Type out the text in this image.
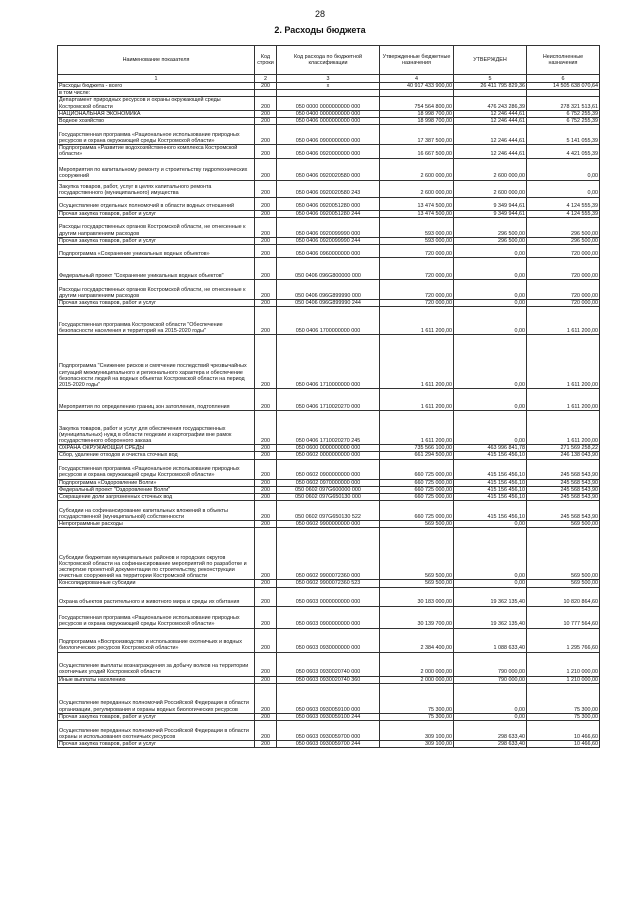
28
2. Расходы бюджета
Наименование показателя	Код строки	Код расхода по бюджетной классификации	Утвержденные бюджетные назначения	УТВЕРЖДЕН	Неисполненные назначения
1	2	3	4	5	6
Расходы бюджета - всего	200	х	40 917 433 900,00	26 411 795 829,36	14 505 638 070,64
в том числе:					
Департамент природных ресурсов и охраны окружающей среды Костромской области	200	050 0000 0000000000 000	754 564 800,00	476 243 286,39	278 321 513,61
НАЦИОНАЛЬНАЯ ЭКОНОМИКА	200	050 0400 0000000000 000	18 998 700,00	12 246 444,61	6 752 255,39
Водное хозяйство	200	050 0406 0000000000 000	18 998 700,00	12 246 444,61	6 752 255,39
Государственная программа «Рациональное использование природных ресурсов и охрана окружающей среды Костромской области»	200	050 0406 0900000000 000	17 387 500,00	12 246 444,61	5 141 055,39
Подпрограмма «Развитие водохозяйственного комплекса Костромской области»	200	050 0406 0920000000 000	16 667 500,00	12 246 444,61	4 421 055,39
Мероприятия по капитальному ремонту и строительству гидротехнических сооружений	200	050 0406 0920020580 000	2 600 000,00	2 600 000,00	0,00
Закупка товаров, работ, услуг в целях капитального ремонта государственного (муниципального) имущества	200	050 0406 0920020580 243	2 600 000,00	2 600 000,00	0,00
Осуществление отдельных полномочий в области водных отношений	200	050 0406 0920051280 000	13 474 500,00	9 349 944,61	4 124 555,39
Прочая закупка товаров, работ и услуг	200	050 0406 0920051280 244	13 474 500,00	9 349 944,61	4 124 555,39
Расходы государственных органов Костромской области, не отнесенные к другим направлениям расходов	200	050 0406 0920099990 000	593 000,00	296 500,00	296 500,00
Прочая закупка товаров, работ и услуг	200	050 0406 0920099990 244	593 000,00	296 500,00	296 500,00
Подпрограмма «Сохранение уникальных водных объектов»	200	050 0406 0960000000 000	720 000,00	0,00	720 000,00
Федеральный проект "Сохранение уникальных водных объектов"	200	050 0406 096G800000 000	720 000,00	0,00	720 000,00
Расходы государственных органов Костромской области, не отнесенные к другим направлениям расходов	200	050 0406 096G899990 000	720 000,00	0,00	720 000,00
Прочая закупка товаров, работ и услуг	200	050 0406 096G899990 244	720 000,00	0,00	720 000,00
Государственная программа Костромской области "Обеспечение безопасности населения и территорий на 2015-2020 годы"	200	050 0406 1700000000 000	1 611 200,00	0,00	1 611 200,00
Подпрограмма "Снижение рисков и смягчение последствий чрезвычайных ситуаций межмуниципального и регионального характера и обеспечение безопасности людей на водных объектах Костромской области на период 2015-2020 годы"	200	050 0406 1710000000 000	1 611 200,00	0,00	1 611 200,00
Мероприятия по определению границ зон затопления, подтопления	200	050 0406 1710020270 000	1 611 200,00	0,00	1 611 200,00
Закупка товаров, работ и услуг для обеспечения государственных (муниципальных) нужд в области геодезии и картографии вне рамок государственного оборонного заказа	200	050 0406 1710020270 245	1 611 200,00	0,00	1 611 200,00
ОХРАНА ОКРУЖАЮЩЕЙ СРЕДЫ	200	050 0600 0000000000 000	735 566 100,00	463 996 841,78	271 569 258,22
Сбор, удаление отходов и очистка сточных вод	200	050 0602 0000000000 000	661 294 500,00	415 156 456,10	246 138 043,90
Государственная программа «Рациональное использование природных ресурсов и охрана окружающей среды Костромской области»	200	050 0602 0900000000 000	660 725 000,00	415 156 456,10	245 568 543,90
Подпрограмма «Оздоровление Волги»	200	050 0602 0970000000 000	660 725 000,00	415 156 456,10	245 568 543,90
Федеральный проект "Оздоровление Волги"	200	050 0602 097G600000 000	660 725 000,00	415 156 456,10	245 568 543,90
Сокращение доли загрязненных сточных вод	200	050 0602 097G650130 000	660 725 000,00	415 156 456,10	245 568 543,90
Субсидии на софинансирование капитальных вложений в объекты государственной (муниципальной) собственности	200	050 0602 097G650130 522	660 725 000,00	415 156 456,10	245 568 543,90
Непрограммные расходы	200	050 0602 9900000000 000	569 500,00	0,00	569 500,00
Субсидии бюджетам муниципальных районов и городских округов Костромской области на софинансирование мероприятий по разработке и экспертизе проектной документации по строительству, реконструкции очистных сооружений на территории Костромской области	200	050 0602 9900072360 000	569 500,00	0,00	569 500,00
Консолидированные субсидии	200	050 0602 9900072360 523	569 500,00	0,00	569 500,00
Охрана объектов растительного и животного мира и среды их обитания	200	050 0603 0000000000 000	30 183 000,00	19 362 135,40	10 820 864,60
Государственная программа «Рациональное использование природных ресурсов и охрана окружающей среды Костромской области»	200	050 0603 0900000000 000	30 139 700,00	19 362 135,40	10 777 564,60
Подпрограмма «Воспроизводство и использование охотничьих и водных биологических ресурсов Костромской области»	200	050 0603 0930000000 000	2 384 400,00	1 088 633,40	1 295 766,60
Осуществление выплаты вознаграждения за добычу волков на территории охотничьих угодий Костромской области	200	050 0603 0930020740 000	2 000 000,00	790 000,00	1 210 000,00
Иные выплаты населению	200	050 0603 0930020740 360	2 000 000,00	790 000,00	1 210 000,00
Осуществление переданных полномочий Российской Федерации в области организации, регулирования и охраны водных биологических ресурсов	200	050 0603 0930059100 000	75 300,00	0,00	75 300,00
Прочая закупка товаров, работ и услуг	200	050 0603 0930059100 244	75 300,00	0,00	75 300,00
Осуществление переданных полномочий Российской Федерации в области охраны и использования охотничьих ресурсов	200	050 0603 0930059700 000	309 100,00	298 633,40	10 466,60
Прочая закупка товаров, работ и услуг	200	050 0603 0930059700 244	309 100,00	298 633,40	10 466,60
